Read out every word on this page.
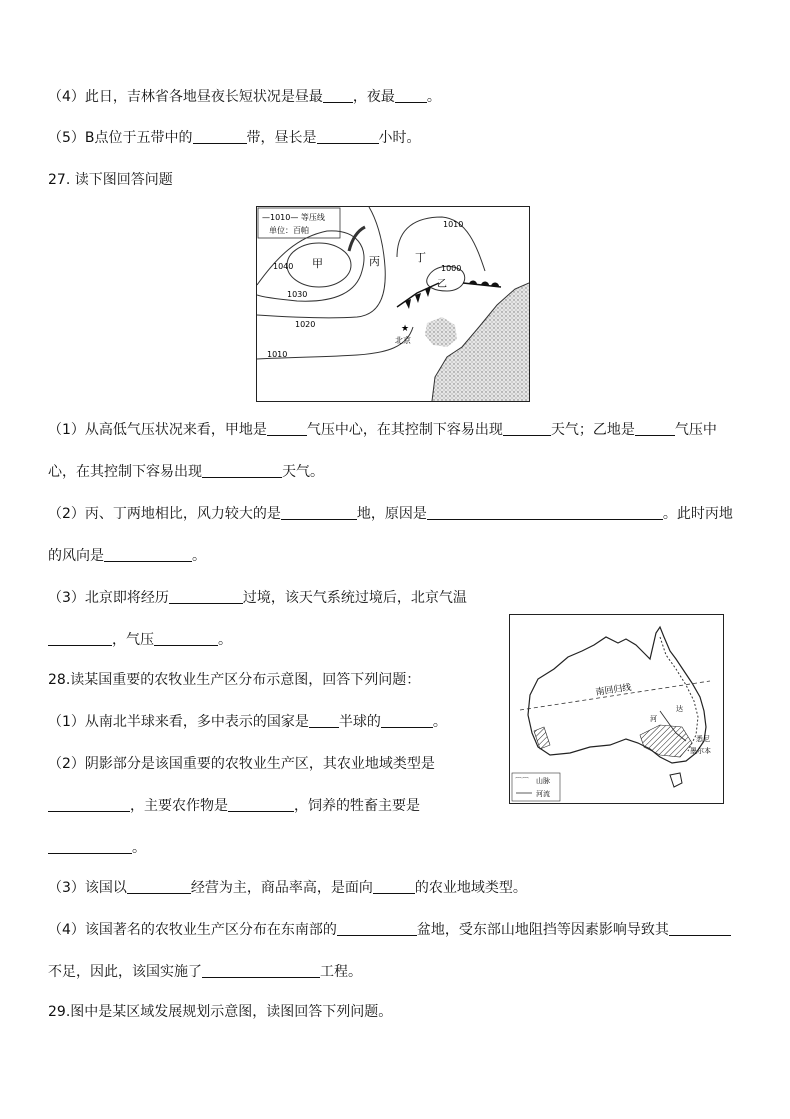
（4）此日，吉林省各地昼夜长短状况是昼最 ，夜最 。
（5）B点位于五带中的	带，昼长是	小时。
27. 读下图回答问题
—1010— 等压线
单位：百帕
甲	丙	丁
乙
1010
1040
1030
1020
1010
1000
★
北京
（1）从高低气压状况来看，甲地是	气压中心，在其控制下容易出现	天气；乙地是	气压中
心，在其控制下容易出现	天气。
（2）丙、丁两地相比，风力较大的是	地，原因是	。此时丙地
的风向是	。
（3）北京即将经历	过境，该天气系统过境后，北京气温
，气压	。
28.读某国重要的农牧业生产区分布示意图，回答下列问题：
南回归线
河
达
悉尼
墨尔本
⌒⌒ 山脉
河流
（1）从南北半球来看，多中表示的国家是 半球的	。
（2）阴影部分是该国重要的农牧业生产区，其农业地域类型是
，主要农作物是	，饲养的牲畜主要是
。
（3）该国以	经营为主，商品率高，是面向	的农业地域类型。
（4）该国著名的农牧业生产区分布在东南部的	盆地，受东部山地阻挡等因素影响导致其
不足，因此，该国实施了	工程。
29.图中是某区域发展规划示意图，读图回答下列问题。
